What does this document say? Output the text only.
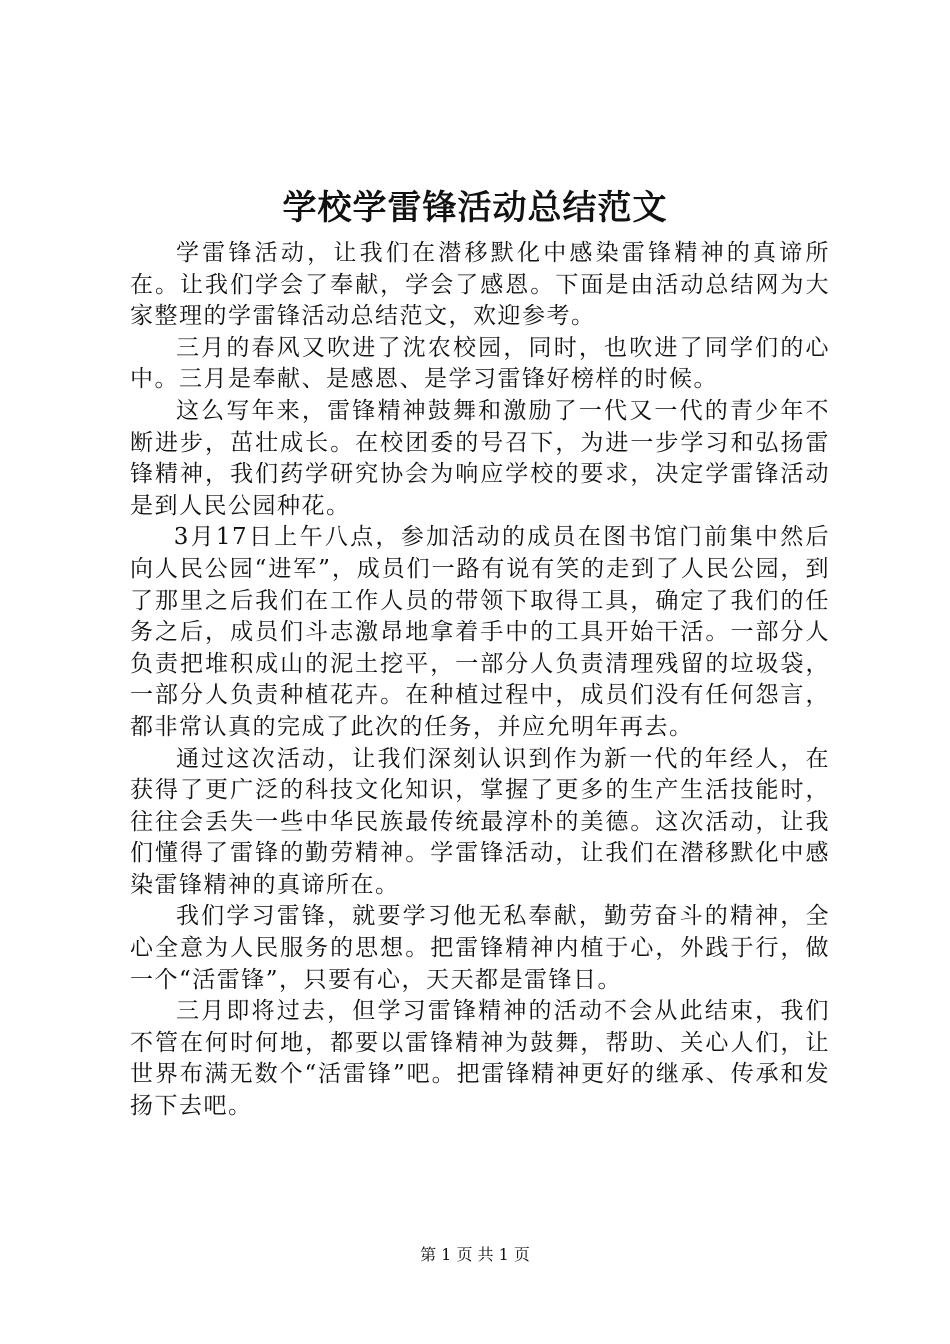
学校学雷锋活动总结范文

学雷锋活动，让我们在潜移默化中感染雷锋精神的真谛所在。让我们学会了奉献，学会了感恩。下面是由活动总结网为大家整理的学雷锋活动总结范文，欢迎参考。

三月的春风又吹进了沈农校园，同时，也吹进了同学们的心中。三月是奉献、是感恩、是学习雷锋好榜样的时候。

这么写年来，雷锋精神鼓舞和激励了一代又一代的青少年不断进步，茁壮成长。在校团委的号召下，为进一步学习和弘扬雷锋精神，我们药学研究协会为响应学校的要求，决定学雷锋活动是到人民公园种花。

3月17日上午八点，参加活动的成员在图书馆门前集中然后向人民公园“进军”，成员们一路有说有笑的走到了人民公园，到了那里之后我们在工作人员的带领下取得工具，确定了我们的任务之后，成员们斗志激昂地拿着手中的工具开始干活。一部分人负责把堆积成山的泥土挖平，一部分人负责清理残留的垃圾袋，一部分人负责种植花卉。在种植过程中，成员们没有任何怨言，都非常认真的完成了此次的任务，并应允明年再去。

通过这次活动，让我们深刻认识到作为新一代的年经人，在获得了更广泛的科技文化知识，掌握了更多的生产生活技能时，往往会丢失一些中华民族最传统最淳朴的美德。这次活动，让我们懂得了雷锋的勤劳精神。学雷锋活动，让我们在潜移默化中感染雷锋精神的真谛所在。

我们学习雷锋，就要学习他无私奉献，勤劳奋斗的精神，全心全意为人民服务的思想。把雷锋精神内植于心，外践于行，做一个“活雷锋”，只要有心，天天都是雷锋日。

三月即将过去，但学习雷锋精神的活动不会从此结束，我们不管在何时何地，都要以雷锋精神为鼓舞，帮助、关心人们，让世界布满无数个“活雷锋”吧。把雷锋精神更好的继承、传承和发扬下去吧。

第 1 页 共 1 页
